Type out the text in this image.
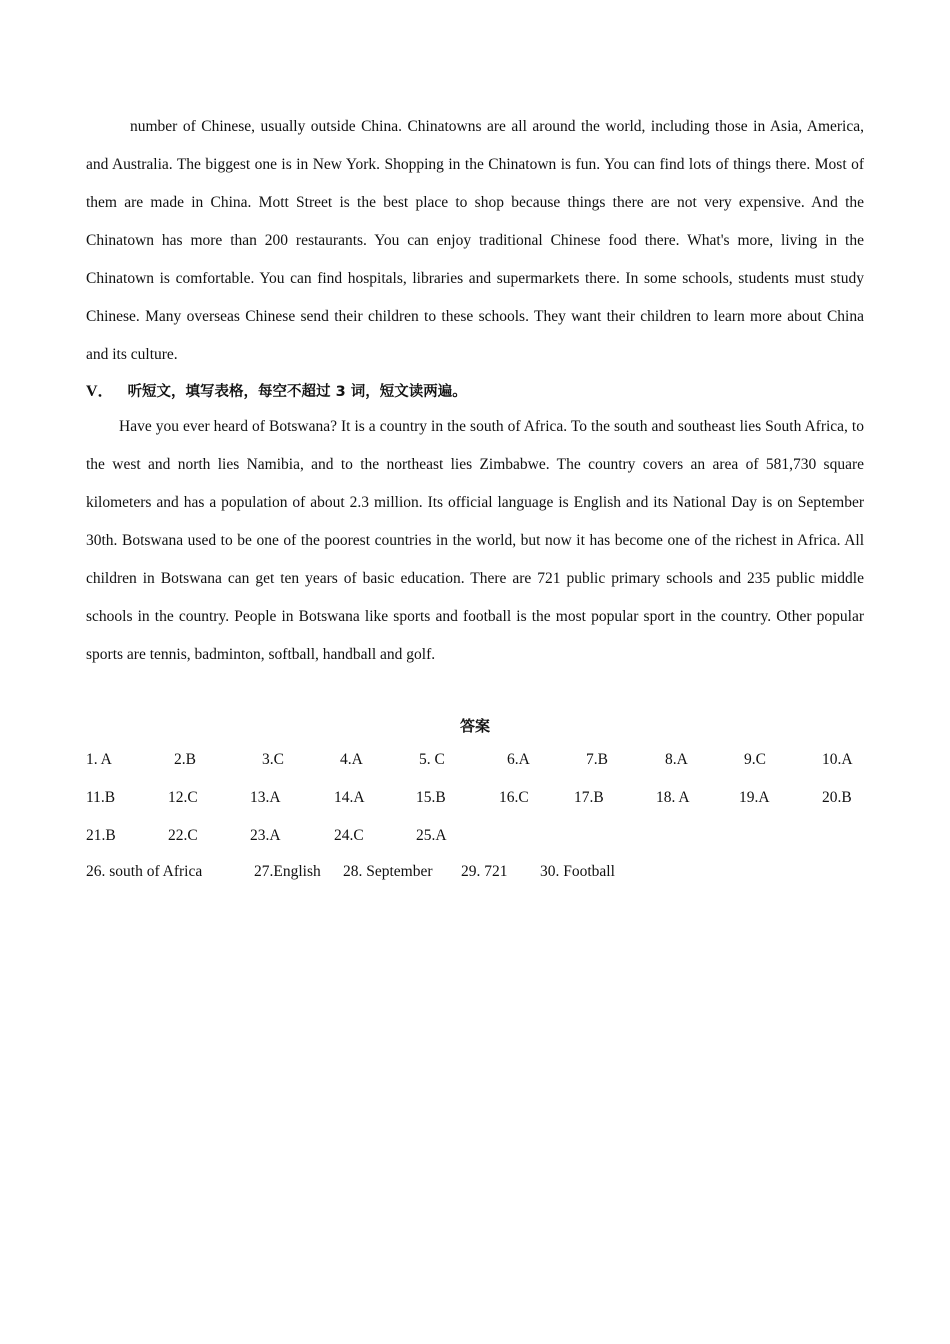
number of Chinese, usually outside China. Chinatowns are all around the world, including those in Asia, America, and Australia. The biggest one is in New York. Shopping in the Chinatown is fun. You can find lots of things there. Most of them are made in China. Mott Street is the best place to shop because things there are not very expensive. And the Chinatown has more than 200 restaurants. You can enjoy traditional Chinese food there. What's more, living in the Chinatown is comfortable. You can find hospitals, libraries and supermarkets there. In some schools, students must study Chinese. Many overseas Chinese send their children to these schools. They want their children to learn more about China and its culture.

V． 听短文，填写表格，每空不超过 3 词，短文读两遍。

Have you ever heard of Botswana? It is a country in the south of Africa. To the south and southeast lies South Africa, to the west and north lies Namibia, and to the northeast lies Zimbabwe. The country covers an area of 581,730 square kilometers and has a population of about 2.3 million. Its official language is English and its National Day is on September 30th. Botswana used to be one of the poorest countries in the world, but now it has become one of the richest in Africa. All children in Botswana can get ten years of basic education. There are 721 public primary schools and 235 public middle schools in the country. People in Botswana like sports and football is the most popular sport in the country. Other popular sports are tennis, badminton, softball, handball and golf.

答案
1. A	2.B	3.C	4.A	5. C	6.A	7.B	8.A	9.C	10.A
11.B	12.C	13.A	14.A	15.B	16.C	17.B	18. A	19.A	20.B
21.B	22.C	23.A	24.C	25.A
26. south of Africa	27.English 28. September 29. 721 30. Football
